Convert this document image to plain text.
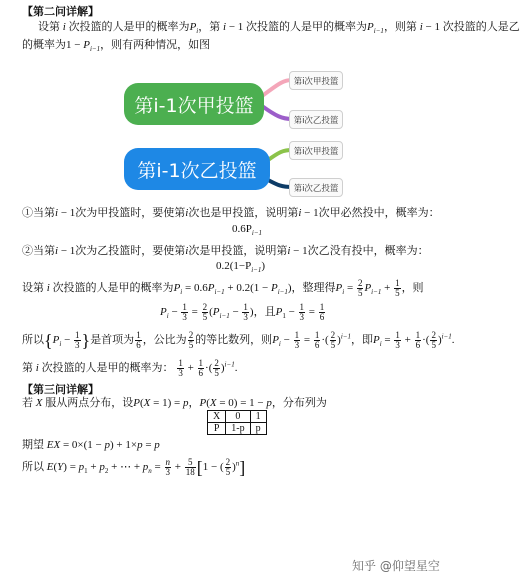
【第二问详解】
设第 i 次投篮的人是甲的概率为$P_i$，第 i − 1 次投篮的人是甲的概率为$P_{i-1}$，则第 i − 1 次投篮的人是乙
的概率为$1 - P_{i-1}$，则有两种情况，如图
第i-1次甲投篮
第i-1次乙投篮
第i次甲投篮
第i次乙投篮
第i次甲投篮
第i次乙投篮
①当第i − 1次为甲投篮时，要使第i次也是甲投篮，说明第i − 1次甲必然投中，概率为：
$0.6P_{i-1}$
②当第i − 1次为乙投篮时，要使第i次是甲投篮，说明第i − 1次乙没有投中，概率为：
$0.2(1-P_{i-1})$
设第 i 次投篮的人是甲的概率为$P_i = 0.6P_{i-1} + 0.2(1 - P_{i-1})$，整理得$P_i = \frac{2}{5} P_{i-1} + \frac{1}{5}$ ，则
$P_i - \frac{1}{3} = \frac{2}{5} (P_{i-1} - \frac{1}{3}$ )，且$P_1 - \frac{1}{3} = \frac{1}{6}$
所以{$P_i - \frac{1}{3}$ }是首项为 $\frac{1}{6}$ ，公比为 $\frac{2}{5}$ 的等比数列，则$P_i - \frac{1}{3} = \frac{1}{6}$ ·( $\frac{2}{5} )^{i-1}$，即$P_i = \frac{1}{3} + \frac{1}{6}$ ·( $\frac{2}{5} )^{i-1}$.
第 i 次投篮的人是甲的概率为： $\frac{1}{3} + \frac{1}{6}$ ·( $\frac{2}{5} )^{i-1}$.
【第三问详解】
若 X 服从两点分布，设P(X = 1) = p，P(X = 0) = 1 − p，分布列为
X	0	1
P	1-p	p
期望 EX = 0×(1 − p) + 1×p = p
所以 $E(Y) = p_1 + p_2$ + ⋯ + $p_n = \frac{n}{3} + \frac{5}{18} [1$ − ( $\frac{2}{5} )^n$]
知乎 @仰望星空
